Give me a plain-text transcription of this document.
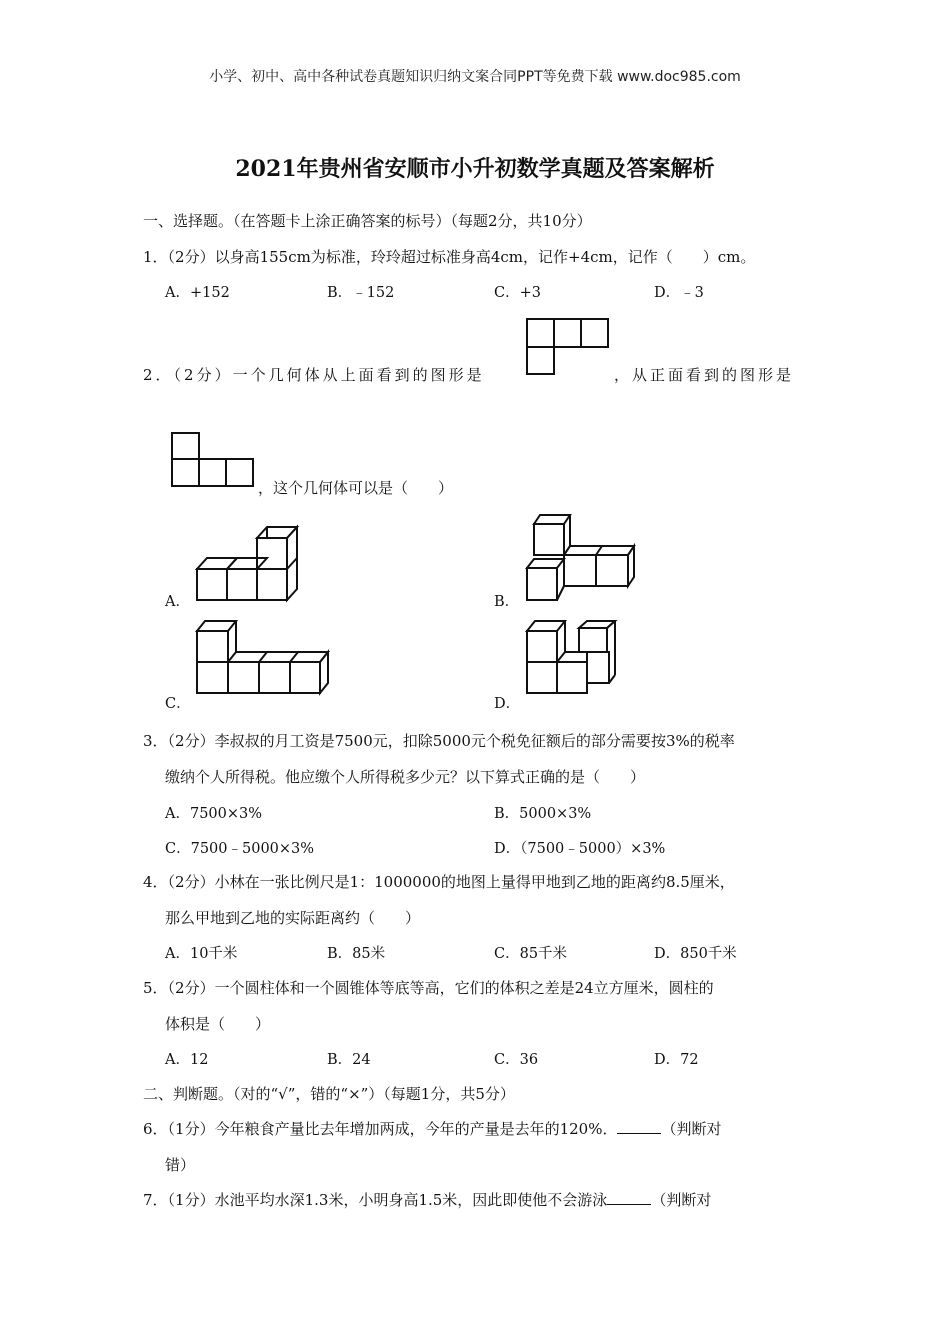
小学、初中、高中各种试卷真题知识归纳文案合同PPT等免费下载 www.doc985.com
2021年贵州省安顺市小升初数学真题及答案解析
一、选择题。（在答题卡上涂正确答案的标号）（每题2分，共10分）
1．（2分）以身高155cm为标准，玲玲超过标准身高4cm，记作+4cm，记作（　　）cm。
A．+152	B．﹣152	C．+3	D．﹣3
2．（2分）一个几何体从上面看到的图形是	，从正面看到的图形是
，这个几何体可以是（　　）
A．	B．
C．	D．
3．（2分）李叔叔的月工资是7500元，扣除5000元个税免征额后的部分需要按3%的税率
缴纳个人所得税。他应缴个人所得税多少元？以下算式正确的是（　　）
A．7500×3%	B．5000×3%
C．7500﹣5000×3%	D．（7500﹣5000）×3%
4．（2分）小林在一张比例尺是1：1000000的地图上量得甲地到乙地的距离约8.5厘米，
那么甲地到乙地的实际距离约（　　）
A．10千米	B．85米	C．85千米	D．850千米
5．（2分）一个圆柱体和一个圆锥体等底等高，它们的体积之差是24立方厘米，圆柱的
体积是（　　）
A．12	B．24	C．36	D．72
二、判断题。（对的“√”，错的“×”）（每题1分，共5分）
6．（1分）今年粮食产量比去年增加两成，今年的产量是去年的120%．	（判断对
错）
7．（1分）水池平均水深1.3米，小明身高1.5米，因此即使他不会游泳	（判断对
